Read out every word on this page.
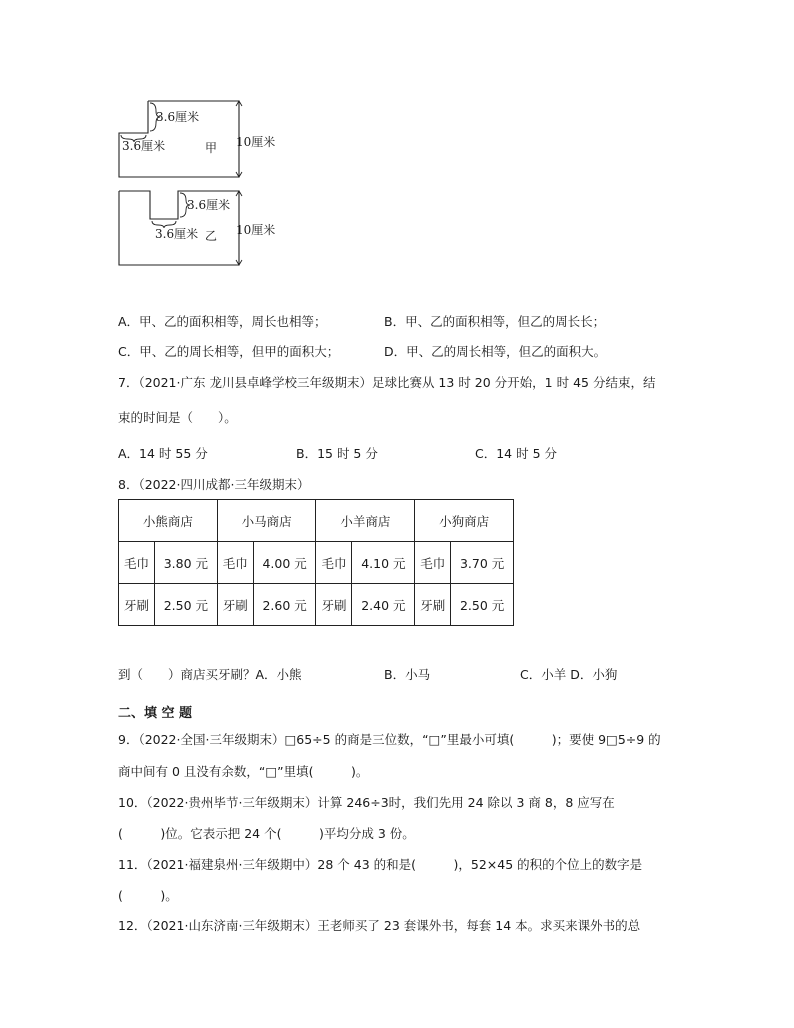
3.6厘米
3.6厘米	甲 10厘米
3.6厘米
3.6厘米 乙 10厘米
A．甲、乙的面积相等，周长也相等；	B．甲、乙的面积相等，但乙的周长长；
C．甲、乙的周长相等，但甲的面积大；	D．甲、乙的周长相等，但乙的面积大。
7．（2021·广东 龙川县卓峰学校三年级期末）足球比赛从 13 时 20 分开始，1 时 45 分结束，结
束的时间是（　　）。
A．14 时 55 分	B．15 时 5 分	C．14 时 5 分
8．（2022·四川成都·三年级期末）
小熊商店		小马商店		小羊商店		小狗商店	
毛巾	3.80 元	毛巾	4.00 元	毛巾	4.10 元	毛巾	3.70 元
牙刷	2.50 元	牙刷	2.60 元	牙刷	2.40 元	牙刷	2.50 元
到（　　）商店买牙刷？A．小熊	B．小马	C．小羊 D．小狗
二、填 空 题
9．（2022·全国·三年级期末）□65÷5 的商是三位数，“□”里最小可填(　　　)；要使 9□5÷9 的
商中间有 0 且没有余数，“□”里填(　　　)。
10．（2022·贵州毕节·三年级期末）计算 246÷3时，我们先用 24 除以 3 商 8，8 应写在
(　　　)位。它表示把 24 个(　　　)平均分成 3 份。
11．（2021·福建泉州·三年级期中）28 个 43 的和是(　　　)，52×45 的积的个位上的数字是
(　　　)。
12．（2021·山东济南·三年级期末）王老师买了 23 套课外书，每套 14 本。求买来课外书的总
